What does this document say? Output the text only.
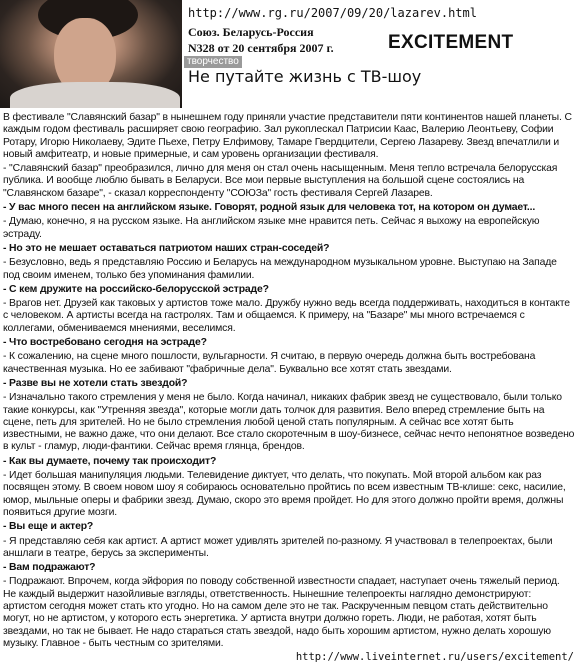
http://www.rg.ru/2007/09/20/lazarev.html
Союз. Беларусь-Россия
N328 от 20 сентября 2007 г.	EXCITEMENT
творчество
Не путайте жизнь с ТВ-шоу

В фестивале "Славянский базар" в нынешнем году приняли участие представители пяти континентов нашей планеты. С каждым годом фестиваль расширяет свою географию. Зал рукоплескал Патрисии Каас, Валерию Леонтьеву, Софии Ротару, Игорю Николаеву, Эдите Пьехе, Петру Елфимову, Тамаре Гвердцители, Сергею Лазареву. Звезд впечатлили и новый амфитеатр, и новые примерные, и сам уровень организации фестиваля.

- "Славянский базар" преобразился, лично для меня он стал очень насыщенным. Меня тепло встречала белорусская публика. И вообще люблю бывать в Беларуси. Все мои первые выступления на большой сцене состоялись на "Славянском базаре", - сказал корреспонденту "СОЮЗа" гость фестиваля Сергей Лазарев.

- У вас много песен на английском языке. Говорят, родной язык для человека тот, на котором он думает...

- Думаю, конечно, я на русском языке. На английском языке мне нравится петь. Сейчас я выхожу на европейскую эстраду.

- Но это не мешает оставаться патриотом наших стран-соседей?

- Безусловно, ведь я представляю Россию и Беларусь на международном музыкальном уровне. Выступаю на Западе под своим именем, только без упоминания фамилии.

- С кем дружите на российско-белорусской эстраде?

- Врагов нет. Друзей как таковых у артистов тоже мало. Дружбу нужно ведь всегда поддерживать, находиться в контакте с человеком. А артисты всегда на гастролях. Там и общаемся. К примеру, на "Базаре" мы много встречаемся с коллегами, обмениваемся мнениями, веселимся.

- Что востребовано сегодня на эстраде?

- К сожалению, на сцене много пошлости, вульгарности. Я считаю, в первую очередь должна быть востребована качественная музыка. Но ее забивают "фабричные дела". Буквально все хотят стать звездами.

- Разве вы не хотели стать звездой?

- Изначально такого стремления у меня не было. Когда начинал, никаких фабрик звезд не существовало, были только такие конкурсы, как "Утренняя звезда", которые могли дать толчок для развития. Вело вперед стремление быть на сцене, петь для зрителей. Но не было стремления любой ценой стать популярным. А сейчас все хотят быть известными, не важно даже, что они делают. Все стало скоротечным в шоу-бизнесе, сейчас нечто непонятное возведено в культ - гламур, люди-фантики. Сейчас время глянца, брендов.

- Как вы думаете, почему так происходит?

- Идет большая манипуляция людьми. Телевидение диктует, что делать, что покупать. Мой второй альбом как раз посвящен этому. В своем новом шоу я собираюсь основательно пройтись по всем известным ТВ-клише: секс, насилие, юмор, мыльные оперы и фабрики звезд. Думаю, скоро это время пройдет. Но для этого должно пройти время, должны появиться другие мозги.

- Вы еще и актер?

- Я представляю себя как артист. А артист может удивлять зрителей по-разному. Я участвовал в телепроектах, были аншлаги в театре, берусь за эксперименты.

- Вам подражают?

- Подражают. Впрочем, когда эйфория по поводу собственной известности спадает, наступает очень тяжелый период. Не каждый выдержит назойливые взгляды, ответственность. Нынешние телепроекты наглядно демонстрируют: артистом сегодня может стать кто угодно. Но на самом деле это не так. Раскрученным певцом стать действительно могут, но не артистом, у которого есть энергетика. У артиста внутри должно гореть. Люди, не работая, хотят быть звездами, но так не бывает. Не надо стараться стать звездой, надо быть хорошим артистом, нужно делать хорошую музыку. Главное - быть честным со зрителями.

http://www.liveinternet.ru/users/excitement/
